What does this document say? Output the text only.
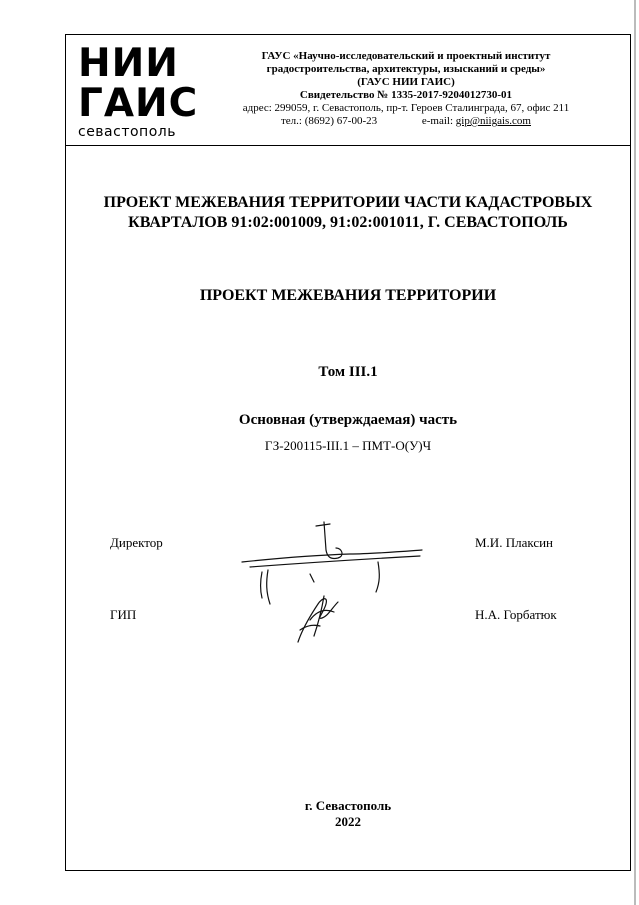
НИИ
ГАИС
севастополь
ГАУС «Научно-исследовательский и проектный институт
градостроительства, архитектуры, изысканий и среды»
(ГАУС НИИ ГАИС)
Свидетельство № 1335-2017-9204012730-01
адрес: 299059, г. Севастополь, пр-т. Героев Сталинграда, 67, офис 211
тел.: (8692) 67-00-23	e-mail: gip@niigais.com
ПРОЕКТ МЕЖЕВАНИЯ ТЕРРИТОРИИ ЧАСТИ КАДАСТРОВЫХ
КВАРТАЛОВ 91:02:001009, 91:02:001011, Г. СЕВАСТОПОЛЬ
ПРОЕКТ МЕЖЕВАНИЯ ТЕРРИТОРИИ
Том III.1
Основная (утверждаемая) часть
ГЗ-200115-III.1 – ПМТ-О(У)Ч
Директор	М.И. Плаксин
ГИП	Н.А. Горбатюк
г. Севастополь
2022
